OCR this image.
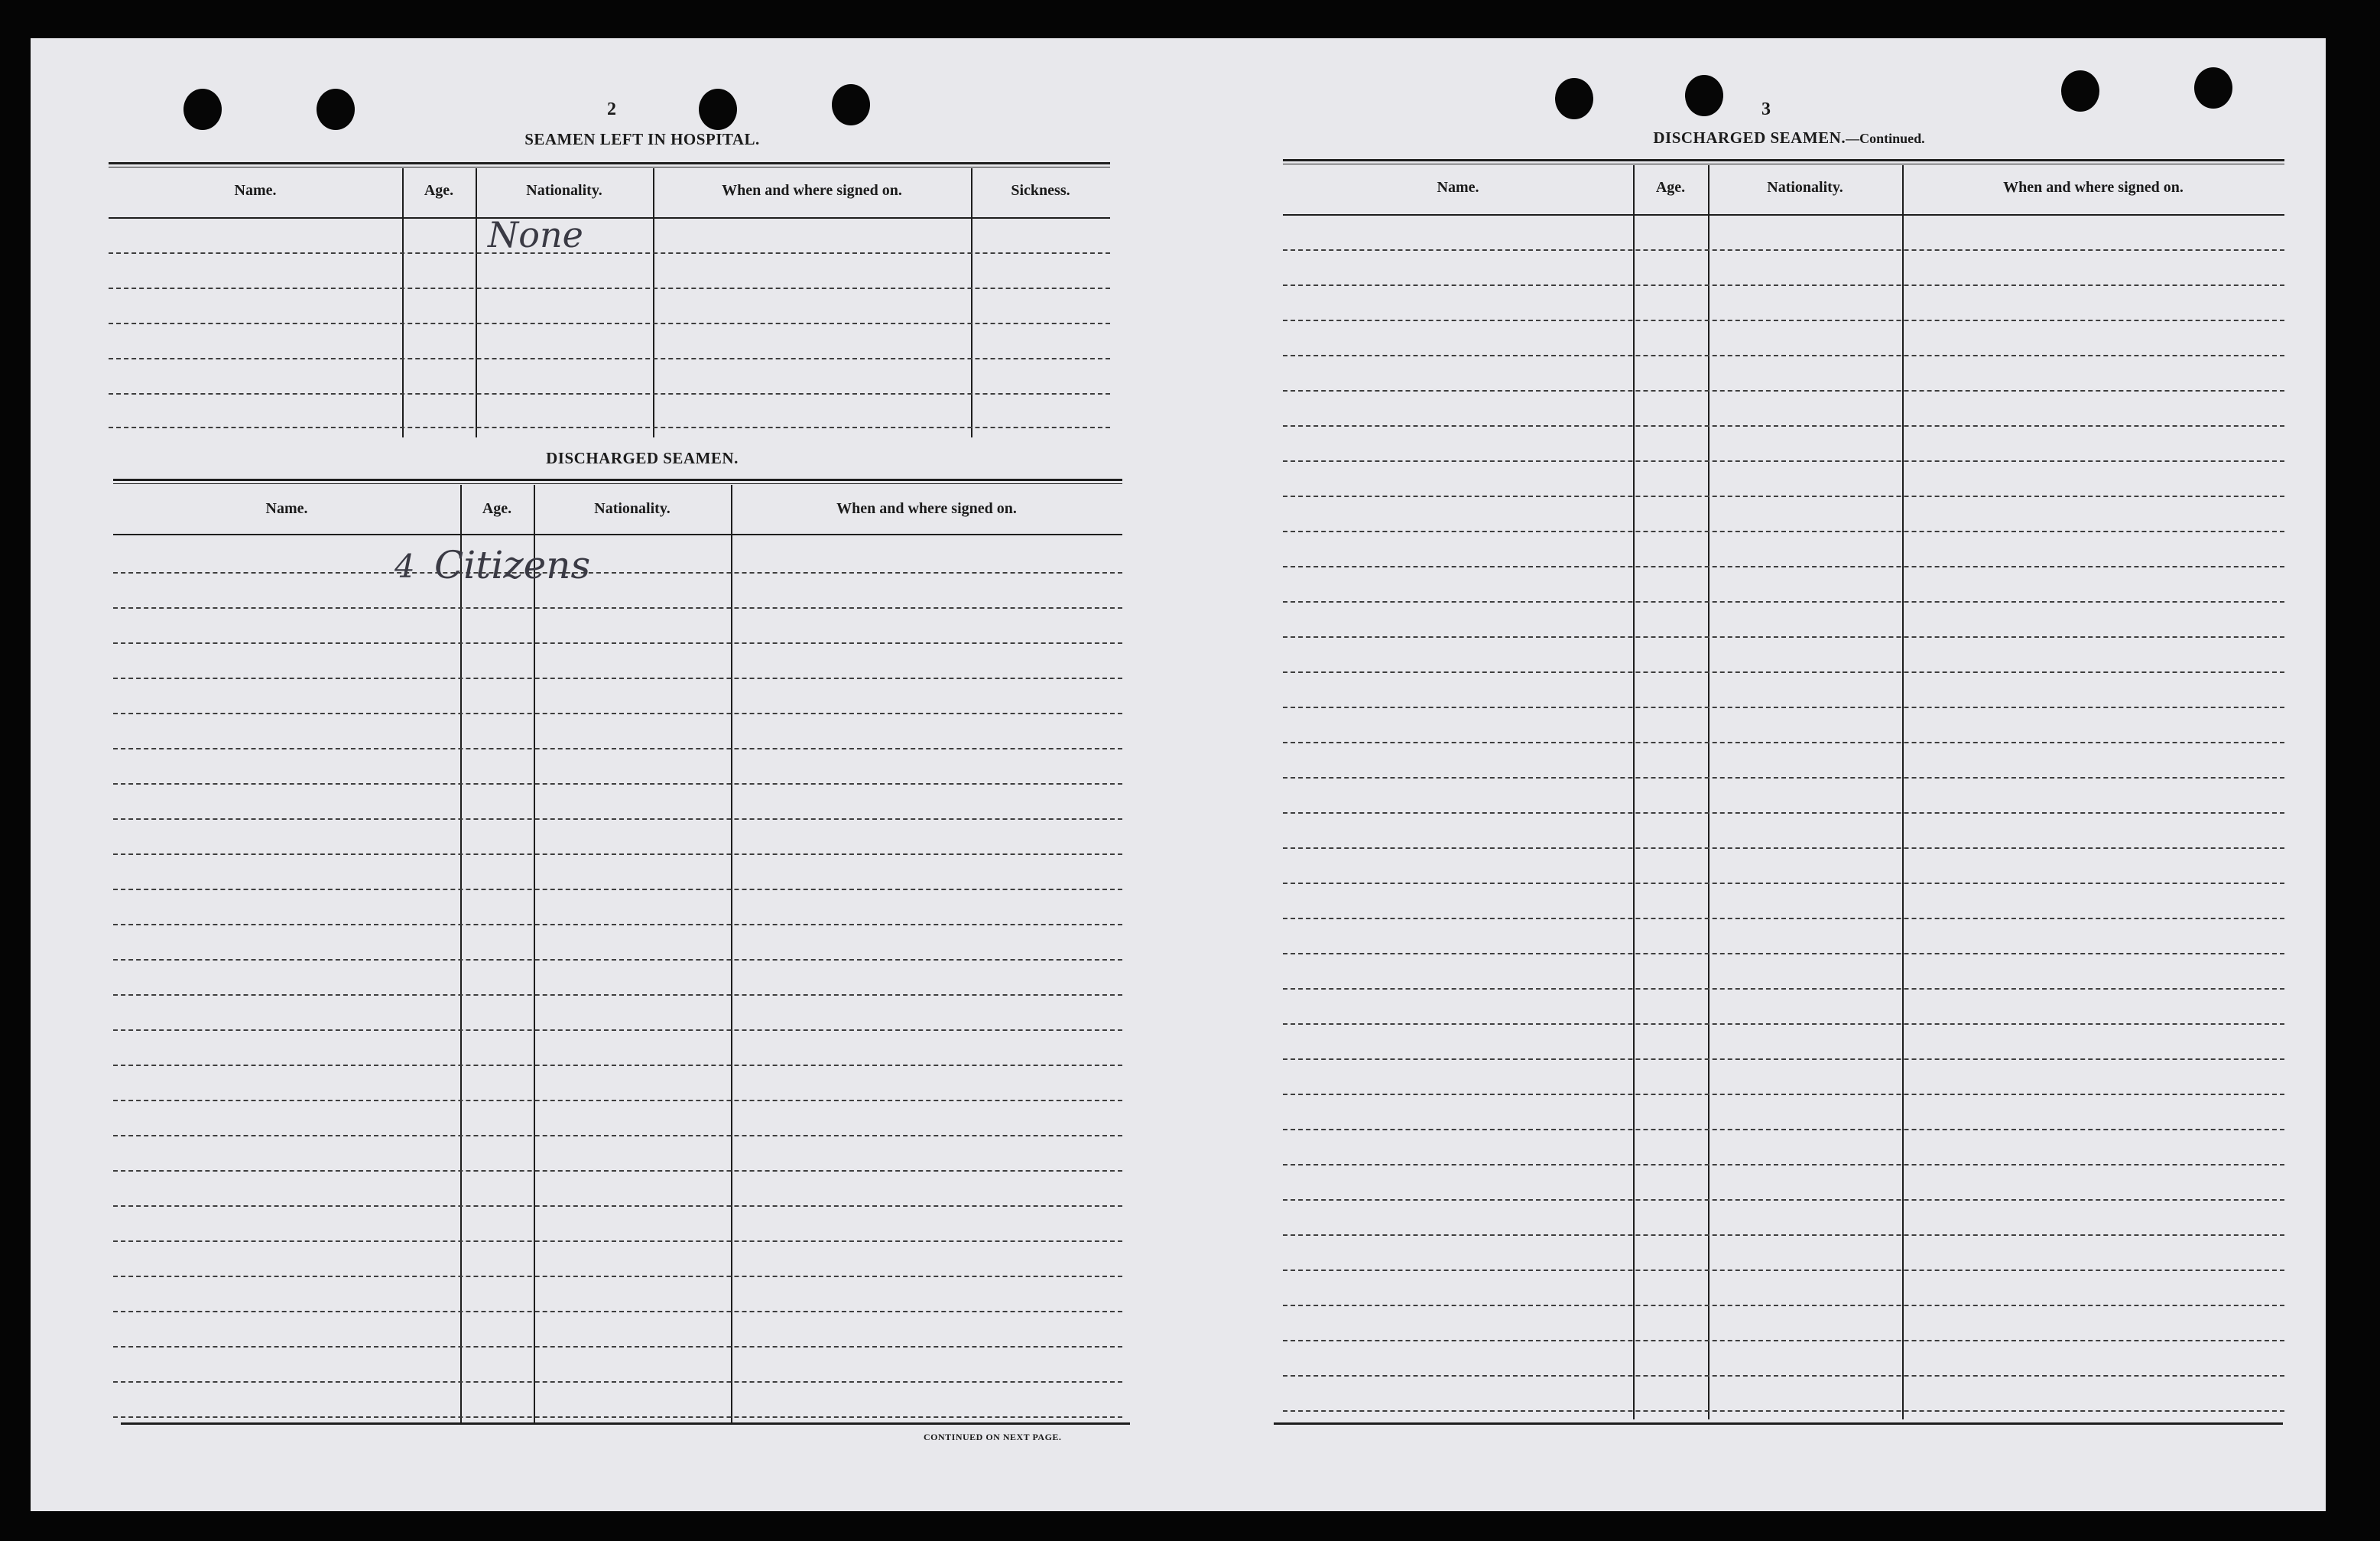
2
SEAMEN LEFT IN HOSPITAL.
Name.	Age.	Nationality.	When and where signed on.	Sickness.
None
DISCHARGED SEAMEN.
Name.	Age.	Nationality.	When and where signed on.
4 Citizens
CONTINUED ON NEXT PAGE.
3
DISCHARGED SEAMEN.—Continued.
Name.	Age.	Nationality.	When and where signed on.
